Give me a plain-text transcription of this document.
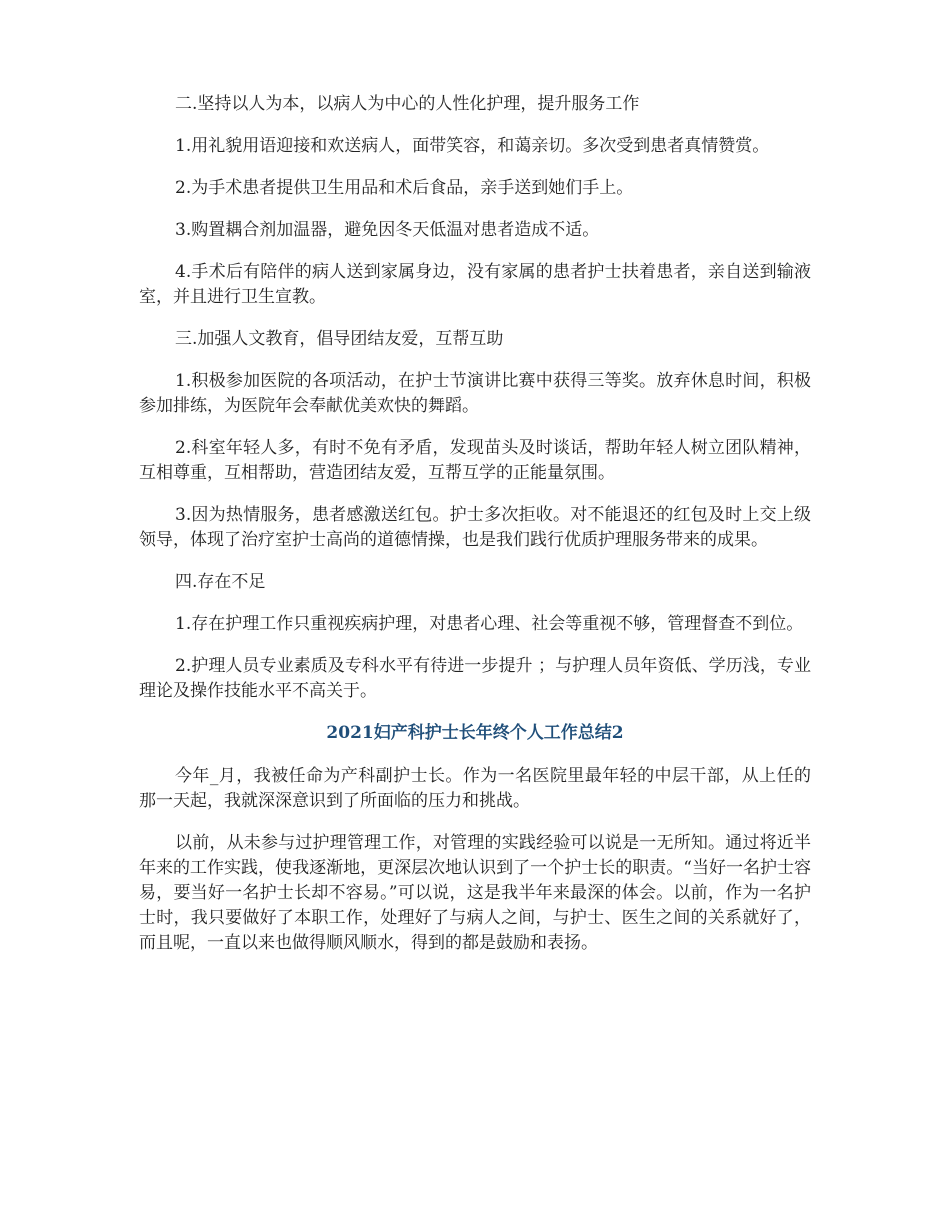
二.坚持以人为本，以病人为中心的人性化护理，提升服务工作

1.用礼貌用语迎接和欢送病人，面带笑容，和蔼亲切。多次受到患者真情赞赏。

2.为手术患者提供卫生用品和术后食品，亲手送到她们手上。

3.购置耦合剂加温器，避免因冬天低温对患者造成不适。

4.手术后有陪伴的病人送到家属身边，没有家属的患者护士扶着患者，亲自送到输液室，并且进行卫生宣教。

三.加强人文教育，倡导团结友爱，互帮互助

1.积极参加医院的各项活动，在护士节演讲比赛中获得三等奖。放弃休息时间，积极参加排练，为医院年会奉献优美欢快的舞蹈。

2.科室年轻人多，有时不免有矛盾，发现苗头及时谈话，帮助年轻人树立团队精神，互相尊重，互相帮助，营造团结友爱，互帮互学的正能量氛围。

3.因为热情服务，患者感激送红包。护士多次拒收。对不能退还的红包及时上交上级领导，体现了治疗室护士高尚的道德情操，也是我们践行优质护理服务带来的成果。

四.存在不足

1.存在护理工作只重视疾病护理，对患者心理、社会等重视不够，管理督查不到位。

2.护理人员专业素质及专科水平有待进一步提升 ；与护理人员年资低、学历浅，专业理论及操作技能水平不高关于。

2021妇产科护士长年终个人工作总结2

今年_月，我被任命为产科副护士长。作为一名医院里最年轻的中层干部，从上任的那一天起，我就深深意识到了所面临的压力和挑战。

以前，从未参与过护理管理工作，对管理的实践经验可以说是一无所知。通过将近半年来的工作实践，使我逐渐地，更深层次地认识到了一个护士长的职责。“当好一名护士容易，要当好一名护士长却不容易。”可以说，这是我半年来最深的体会。以前，作为一名护士时，我只要做好了本职工作，处理好了与病人之间，与护士、医生之间的关系就好了，而且呢，一直以来也做得顺风顺水，得到的都是鼓励和表扬。
